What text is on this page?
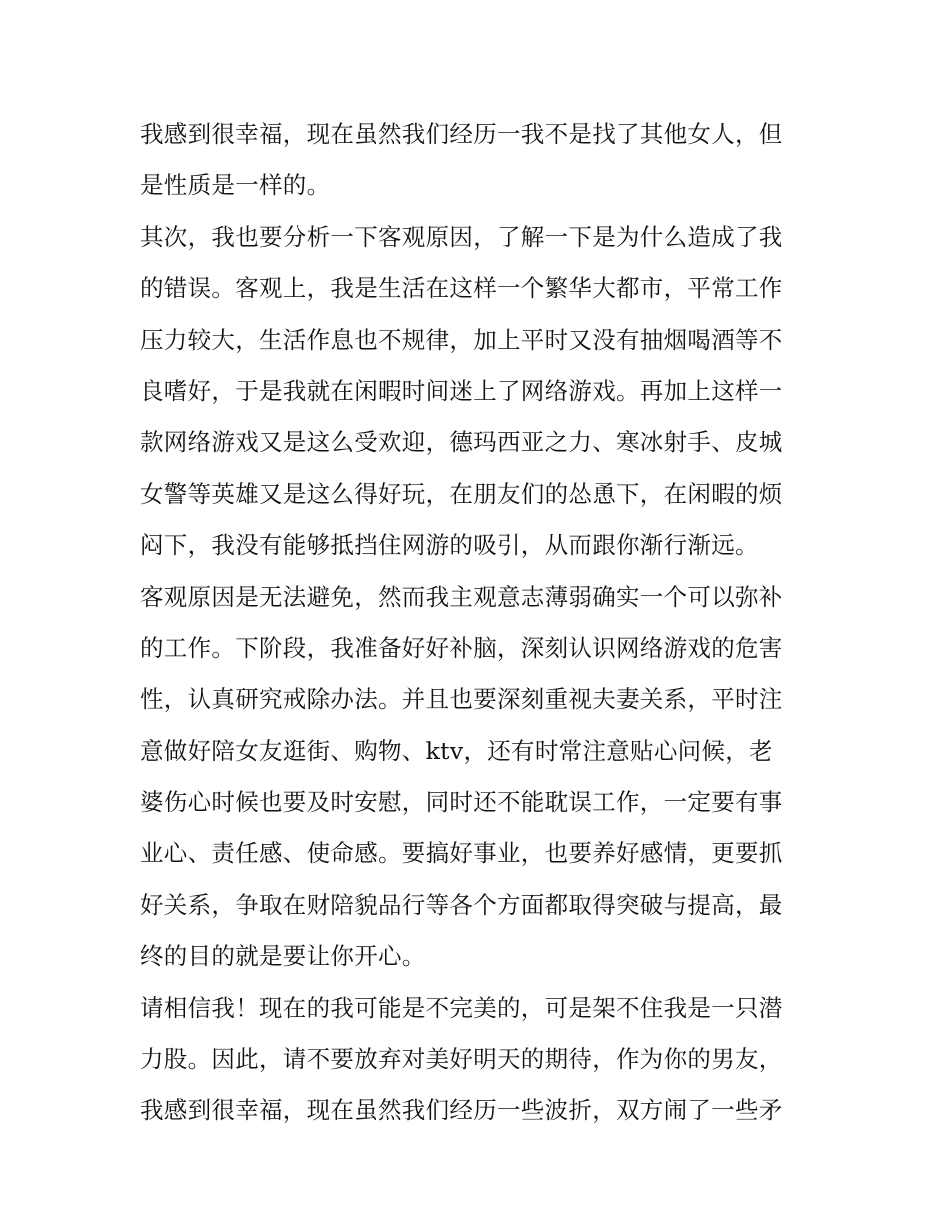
我感到很幸福，现在虽然我们经历一我不是找了其他女人，但
是性质是一样的。
其次，我也要分析一下客观原因，了解一下是为什么造成了我
的错误。客观上，我是生活在这样一个繁华大都市，平常工作
压力较大，生活作息也不规律，加上平时又没有抽烟喝酒等不
良嗜好，于是我就在闲暇时间迷上了网络游戏。再加上这样一
款网络游戏又是这么受欢迎，德玛西亚之力、寒冰射手、皮城
女警等英雄又是这么得好玩，在朋友们的怂恿下，在闲暇的烦
闷下，我没有能够抵挡住网游的吸引，从而跟你渐行渐远。
客观原因是无法避免，然而我主观意志薄弱确实一个可以弥补
的工作。下阶段，我准备好好补脑，深刻认识网络游戏的危害
性，认真研究戒除办法。并且也要深刻重视夫妻关系，平时注
意做好陪女友逛街、购物、ktv，还有时常注意贴心问候，老
婆伤心时候也要及时安慰，同时还不能耽误工作，一定要有事
业心、责任感、使命感。要搞好事业，也要养好感情，更要抓
好关系，争取在财陪貌品行等各个方面都取得突破与提高，最
终的目的就是要让你开心。
请相信我！现在的我可能是不完美的，可是架不住我是一只潜
力股。因此，请不要放弃对美好明天的期待，作为你的男友，
我感到很幸福，现在虽然我们经历一些波折，双方闹了一些矛
